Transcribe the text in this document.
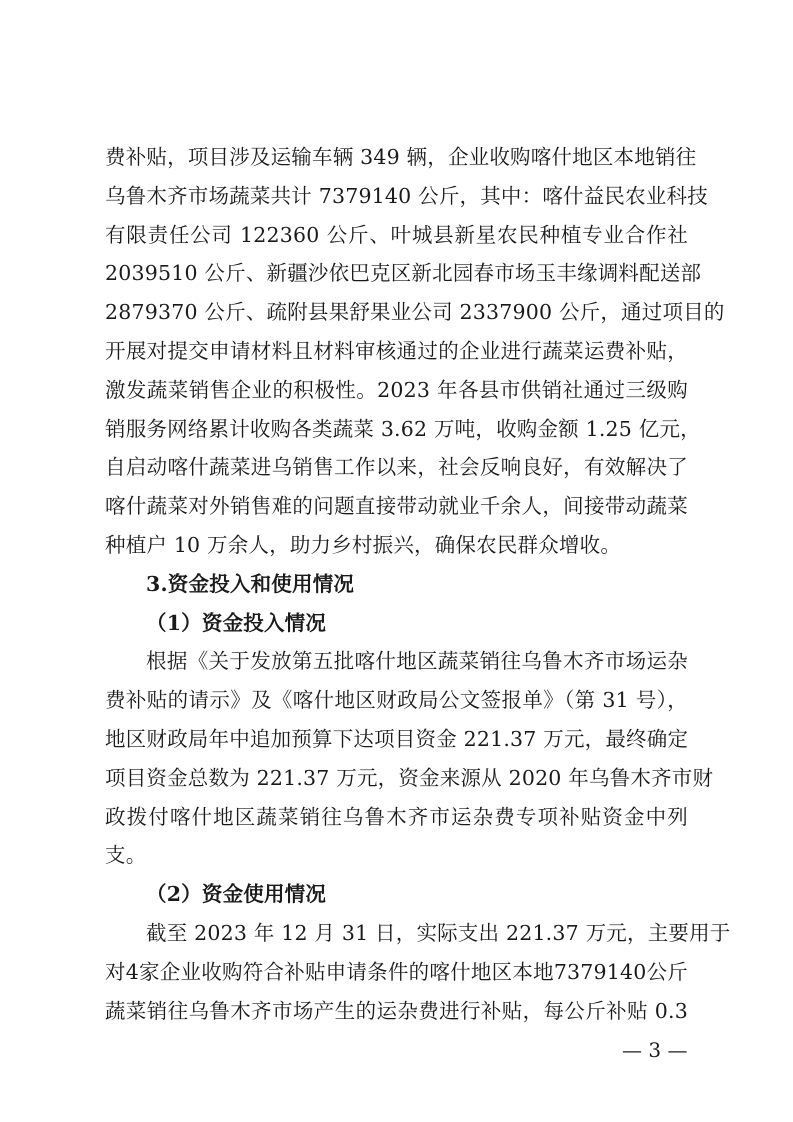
费补贴，项目涉及运输车辆 349 辆，企业收购喀什地区本地销往
乌鲁木齐市场蔬菜共计 7379140 公斤，其中：喀什益民农业科技
有限责任公司 122360 公斤、叶城县新星农民种植专业合作社
2039510 公斤、新疆沙依巴克区新北园春市场玉丰缘调料配送部
2879370 公斤、疏附县果舒果业公司 2337900 公斤，通过项目的
开展对提交申请材料且材料审核通过的企业进行蔬菜运费补贴，
激发蔬菜销售企业的积极性。2023 年各县市供销社通过三级购
销服务网络累计收购各类蔬菜 3.62 万吨，收购金额 1.25 亿元，
自启动喀什蔬菜进乌销售工作以来，社会反响良好，有效解决了
喀什蔬菜对外销售难的问题直接带动就业千余人，间接带动蔬菜
种植户 10 万余人，助力乡村振兴，确保农民群众增收。
3.资金投入和使用情况
（1）资金投入情况
根据《关于发放第五批喀什地区蔬菜销往乌鲁木齐市场运杂
费补贴的请示》及《喀什地区财政局公文签报单》（第 31 号），
地区财政局年中追加预算下达项目资金 221.37 万元，最终确定
项目资金总数为 221.37 万元，资金来源从 2020 年乌鲁木齐市财
政拨付喀什地区蔬菜销往乌鲁木齐市运杂费专项补贴资金中列
支。
（2）资金使用情况
截至 2023 年 12 月 31 日，实际支出 221.37 万元，主要用于
对4家企业收购符合补贴申请条件的喀什地区本地7379140公斤
蔬菜销往乌鲁木齐市场产生的运杂费进行补贴，每公斤补贴 0.3
— 3 —
